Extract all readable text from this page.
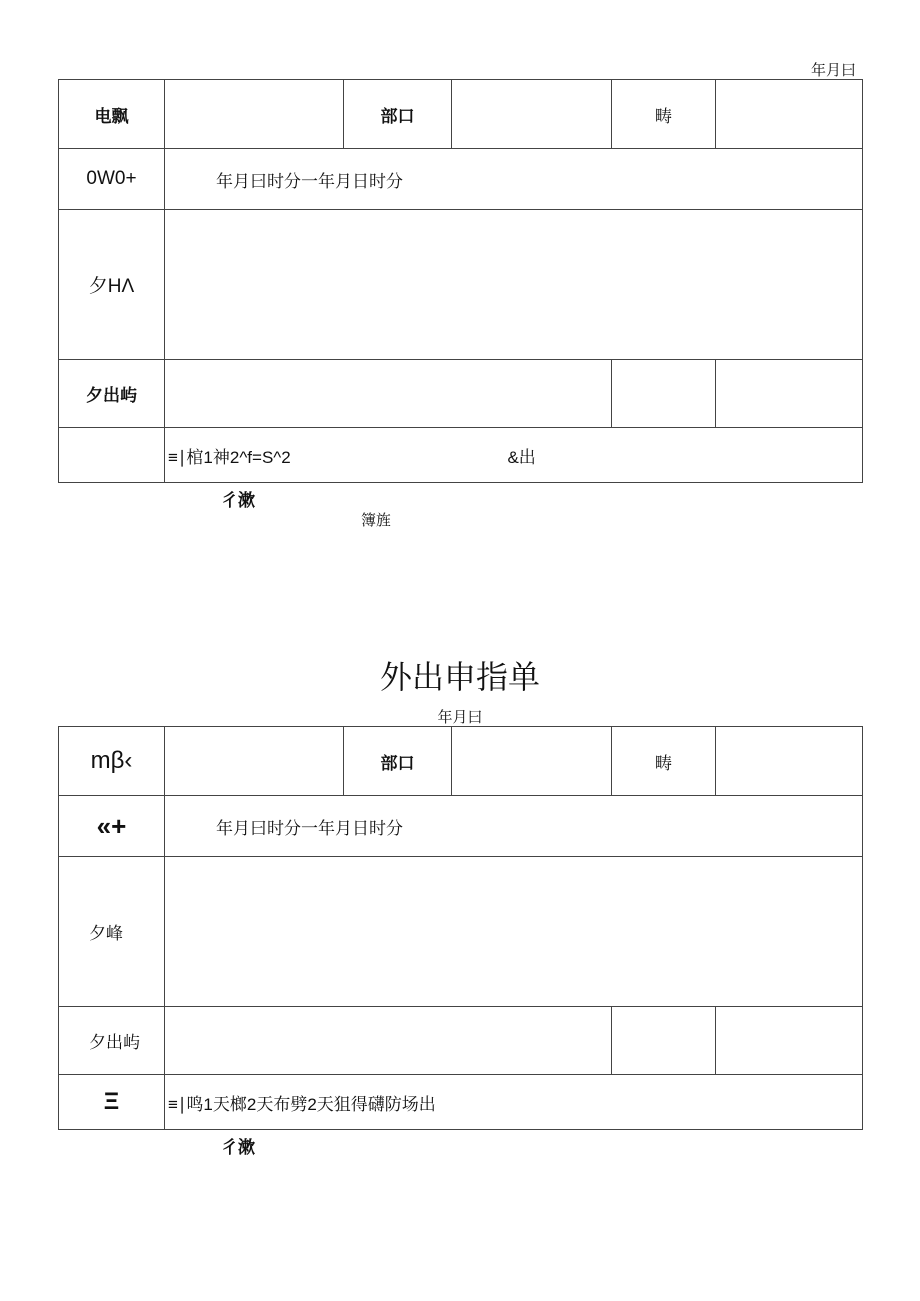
年月曰
电飘		部口		畴	
0W0+	年月曰时分一年月日时分				
夕HΛ					
夕出屿					
	≡∣棺1神2^f=S^2 &出				
彳漱
簿旌
外出申指单
年月曰
mβ‹		部口		畴	
«+	年月曰时分一年月日时分				
夕峰					
夕出屿					
Ξ	≡∣鸣1天榔2天布劈2天狙得礴防场出				
彳漱
